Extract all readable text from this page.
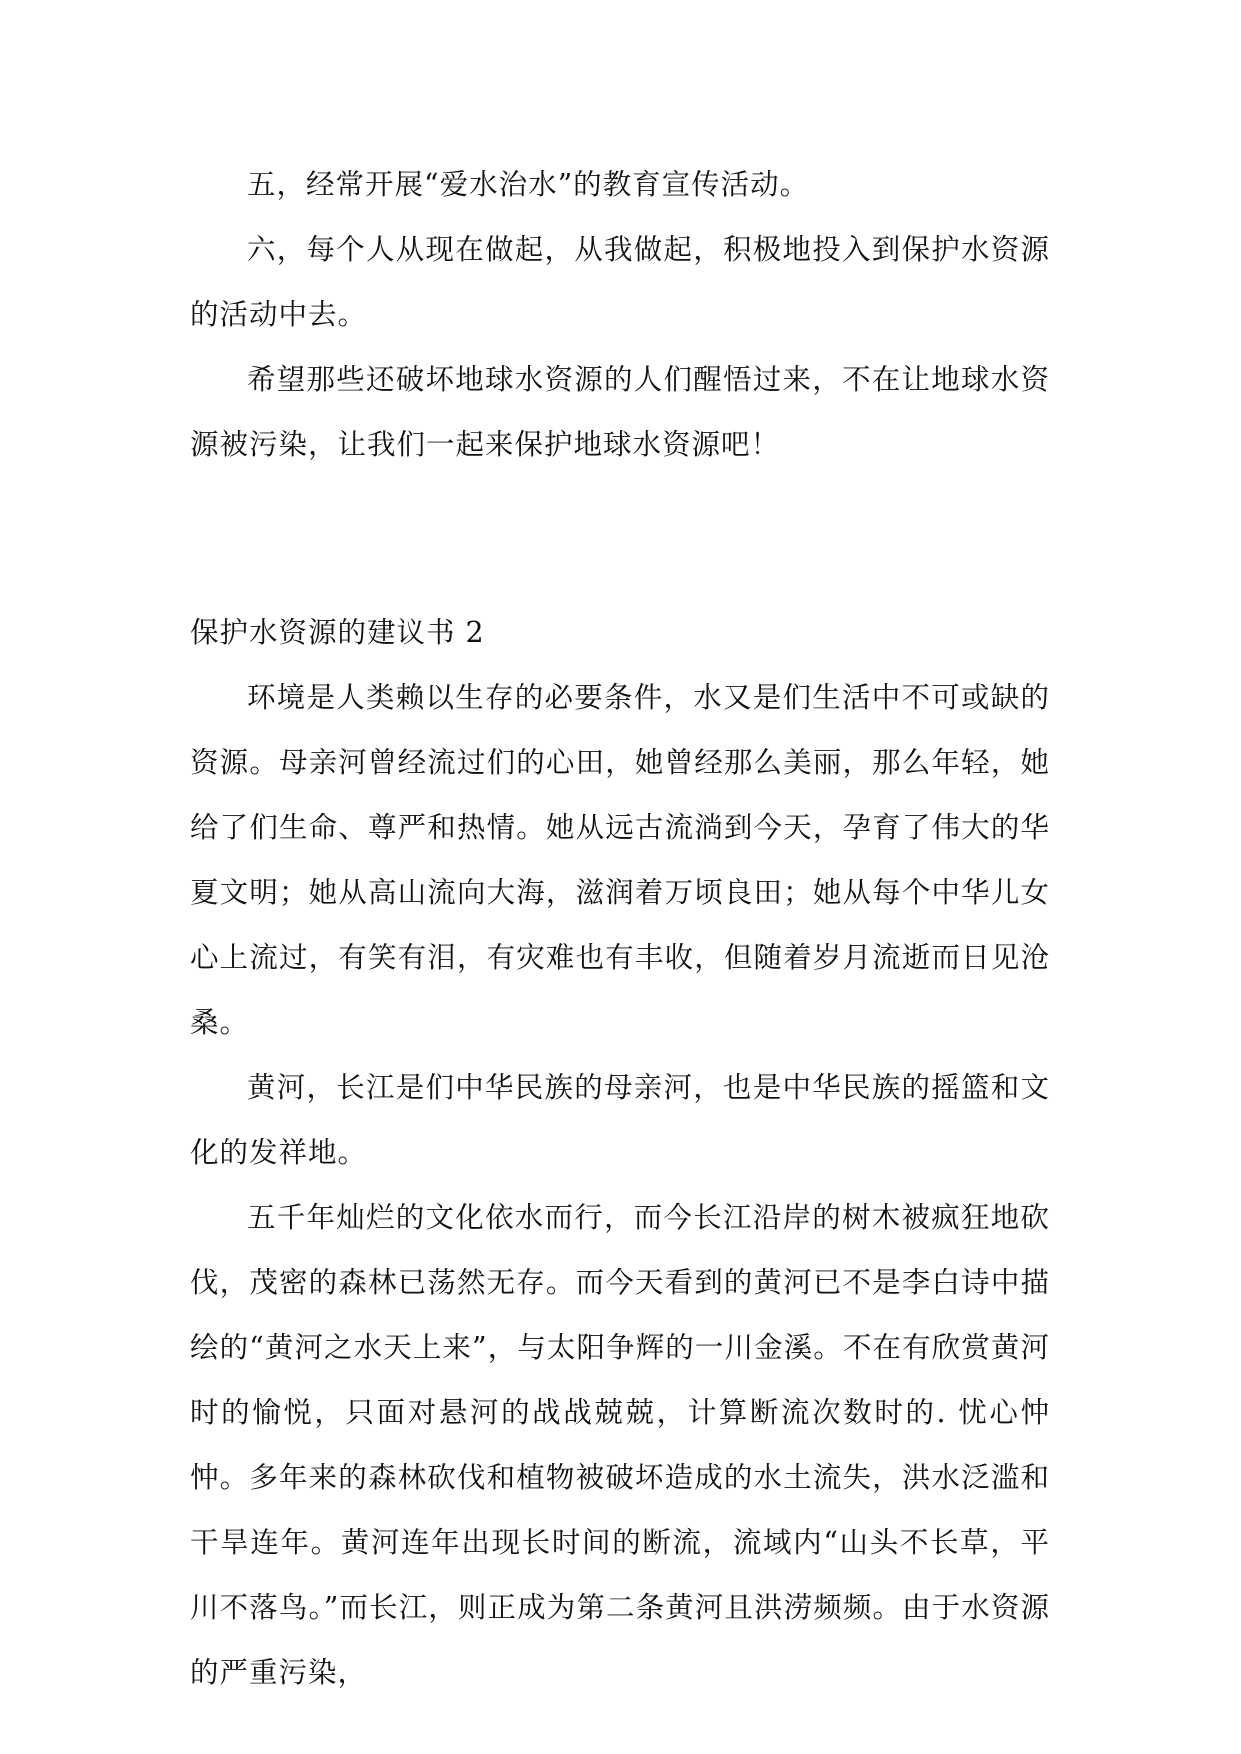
五，经常开展“爱水治水”的教育宣传活动。

六，每个人从现在做起，从我做起，积极地投入到保护水资源的活动中去。

希望那些还破坏地球水资源的人们醒悟过来，不在让地球水资源被污染，让我们一起来保护地球水资源吧！

保护水资源的建议书 2

环境是人类赖以生存的必要条件，水又是们生活中不可或缺的资源。母亲河曾经流过们的心田，她曾经那么美丽，那么年轻，她给了们生命、尊严和热情。她从远古流淌到今天，孕育了伟大的华夏文明；她从高山流向大海，滋润着万顷良田；她从每个中华儿女心上流过，有笑有泪，有灾难也有丰收，但随着岁月流逝而日见沧桑。

黄河，长江是们中华民族的母亲河，也是中华民族的摇篮和文化的发祥地。

五千年灿烂的文化依水而行，而今长江沿岸的树木被疯狂地砍伐，茂密的森林已荡然无存。而今天看到的黄河已不是李白诗中描绘的“黄河之水天上来”，与太阳争辉的一川金溪。不在有欣赏黄河时的愉悦，只面对悬河的战战兢兢，计算断流次数时的. 忧心忡忡。多年来的森林砍伐和植物被破坏造成的水土流失，洪水泛滥和干旱连年。黄河连年出现长时间的断流，流域内“山头不长草，平川不落鸟。”而长江，则正成为第二条黄河且洪涝频频。由于水资源的严重污染，
